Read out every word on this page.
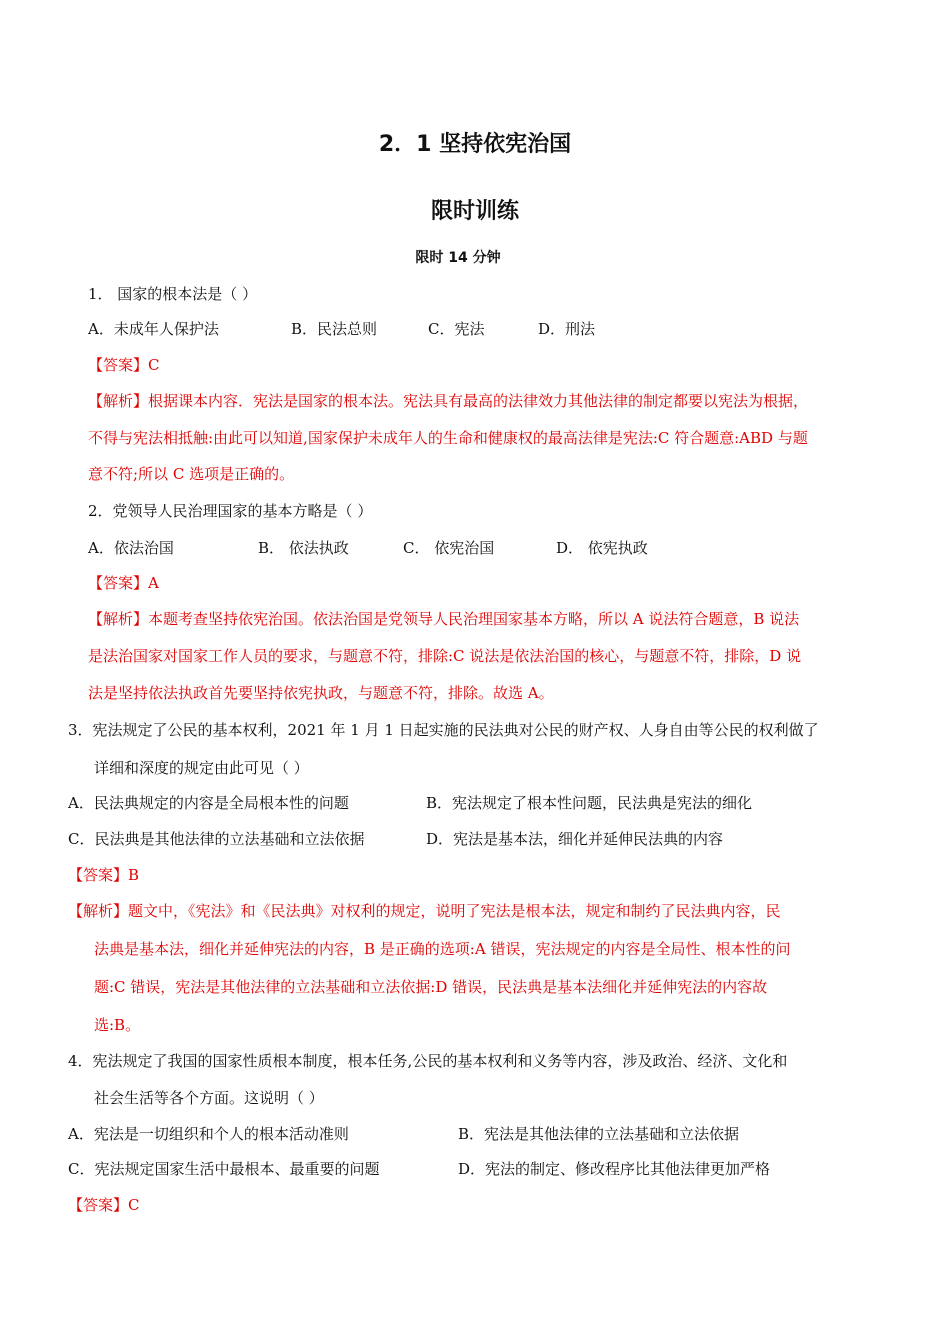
2．1 坚持依宪治国
限时训练
限时 14 分钟
1． 国家的根本法是（ ）
A．未成年人保护法	B．民法总则	C．宪法	D．刑法
【答案】C
【解析】根据课本内容．宪法是国家的根本法。宪法具有最高的法律效力其他法律的制定都要以宪法为根据，
不得与宪法相抵触:由此可以知道,国家保护未成年人的生命和健康权的最高法律是宪法:C 符合题意:ABD 与题
意不符;所以 C 选项是正确的。
2．党领导人民治理国家的基本方略是（ ）
A．依法治国	B． 依法执政	C． 依宪治国	D． 依宪执政
【答案】A
【解析】本题考查坚持依宪治国。依法治国是党领导人民治理国家基本方略，所以 A 说法符合题意，B 说法
是法治国家对国家工作人员的要求，与题意不符，排除:C 说法是依法治国的核心，与题意不符，排除，D 说
法是坚持依法执政首先要坚持依宪执政，与题意不符，排除。故选 A。
3．宪法规定了公民的基本权利，2021 年 1 月 1 日起实施的民法典对公民的财产权、人身自由等公民的权利做了
详细和深度的规定由此可见（ ）
A．民法典规定的内容是全局根本性的问题	B．宪法规定了根本性问题，民法典是宪法的细化
C．民法典是其他法律的立法基础和立法依据	D．宪法是基本法，细化并延伸民法典的内容
【答案】B
【解析】题文中，《宪法》和《民法典》对权利的规定，说明了宪法是根本法，规定和制约了民法典内容，民
法典是基本法，细化并延伸宪法的内容，B 是正确的选项:A 错误，宪法规定的内容是全局性、根本性的问
题:C 错误，宪法是其他法律的立法基础和立法依据:D 错误，民法典是基本法细化并延伸宪法的内容故
选:B。
4．宪法规定了我国的国家性质根本制度，根本任务,公民的基本权利和义务等内容，涉及政治、经济、文化和
社会生活等各个方面。这说明（ ）
A．宪法是一切组织和个人的根本活动准则	B．宪法是其他法律的立法基础和立法依据
C．宪法规定国家生活中最根本、最重要的问题	D．宪法的制定、修改程序比其他法律更加严格
【答案】C
